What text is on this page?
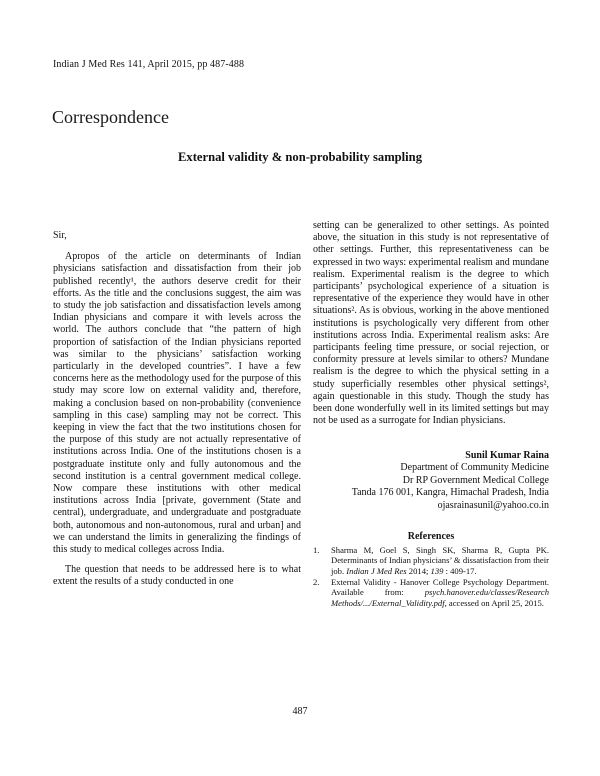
Indian J Med Res 141, April 2015, pp 487-488
Correspondence
External validity & non-probability sampling

Sir,

Apropos of the article on determinants of Indian physicians satisfaction and dissatisfaction from their job published recently¹, the authors deserve credit for their efforts. As the title and the conclusions suggest, the aim was to study the job satisfaction and dissatisfaction levels among Indian physicians and compare it with levels across the world. The authors conclude that “the pattern of high proportion of satisfaction of the Indian physicians reported was similar to the physicians’ satisfaction working particularly in the developed countries”. I have a few concerns here as the methodology used for the purpose of this study may score low on external validity and, therefore, making a conclusion based on non-probability (convenience sampling in this case) sampling may not be correct. This keeping in view the fact that the two institutions chosen for the purpose of this study are not actually representative of institutions across India. One of the institutions chosen is a postgraduate institute only and fully autonomous and the second institution is a central government medical college. Now compare these institutions with other medical institutions across India [private, government (State and central), undergraduate, and undergraduate and postgraduate both, autonomous and non-autonomous, rural and urban] and we can understand the limits in generalizing the findings of this study to medical colleges across India.

The question that needs to be addressed here is to what extent the results of a study conducted in one

setting can be generalized to other settings. As pointed above, the situation in this study is not representative of other settings. Further, this representativeness can be expressed in two ways: experimental realism and mundane realism. Experimental realism is the degree to which participants’ psychological experience of a situation is representative of the experience they would have in other situations². As is obvious, working in the above mentioned institutions is psychologically very different from other institutions across India. Experimental realism asks: Are participants feeling time pressure, or social rejection, or conformity pressure at levels similar to others? Mundane realism is the degree to which the physical setting in a study superficially resembles other physical settings², again questionable in this study. Though the study has been done wonderfully well in its limited settings but may not be used as a surrogate for Indian physicians.

Sunil Kumar Raina
Department of Community Medicine
Dr RP Government Medical College
Tanda 176 001, Kangra, Himachal Pradesh, India
ojasrainasunil@yahoo.co.in
References
1. Sharma M, Goel S, Singh SK, Sharma R, Gupta PK. Determinants of Indian physicians’ & dissatisfaction from their job. Indian J Med Res 2014; 139 : 409-17.
2. External Validity - Hanover College Psychology Department. Available from: psych.hanover.edu/classes/Research Methods/.../External_Validity.pdf, accessed on April 25, 2015.
487
